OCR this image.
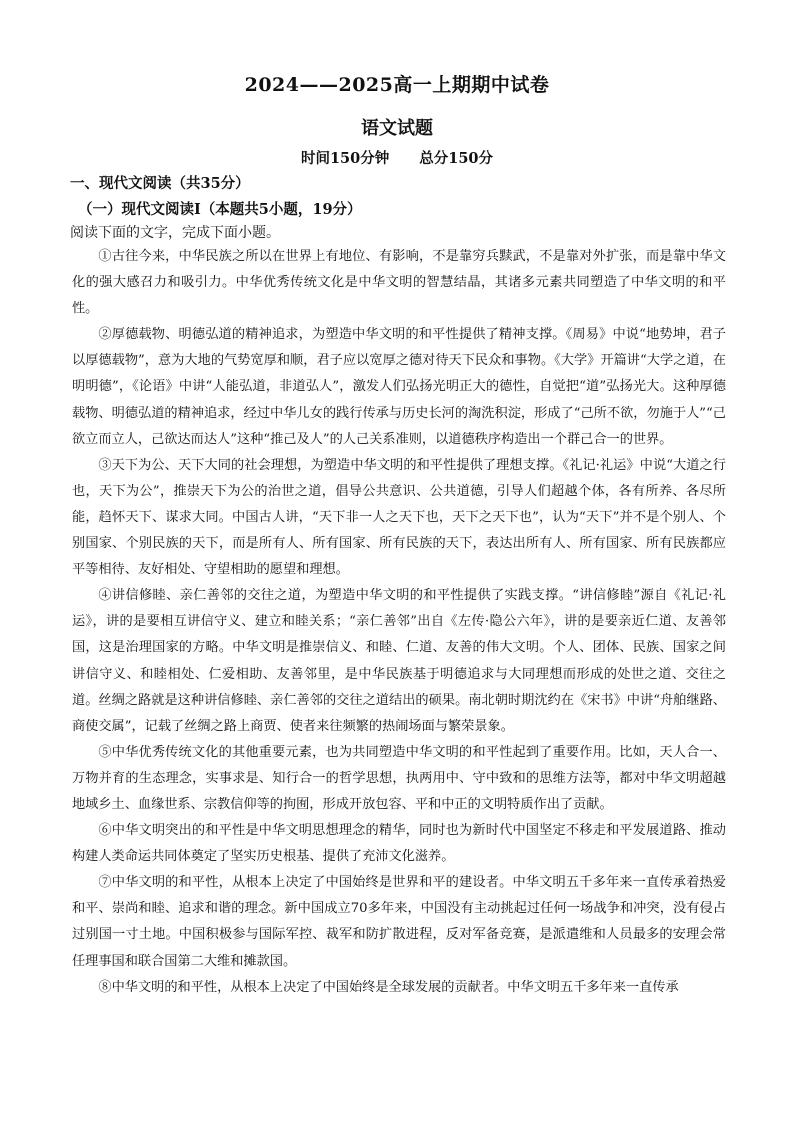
2024——2025高一上期期中试卷
语文试题
时间150分钟 总分150分
一、现代文阅读（共35分）
（一）现代文阅读Ⅰ（本题共5小题，19分）
阅读下面的文字，完成下面小题。

①古往今来，中华民族之所以在世界上有地位、有影响，不是靠穷兵黩武，不是靠对外扩张，而是靠中华文化的强大感召力和吸引力。中华优秀传统文化是中华文明的智慧结晶，其诸多元素共同塑造了中华文明的和平性。

②厚德载物、明德弘道的精神追求，为塑造中华文明的和平性提供了精神支撑。《周易》中说“地势坤，君子以厚德载物”，意为大地的气势宽厚和顺，君子应以宽厚之德对待天下民众和事物。《大学》开篇讲“大学之道，在明明德”，《论语》中讲“人能弘道，非道弘人”，激发人们弘扬光明正大的德性，自觉把“道”弘扬光大。这种厚德载物、明德弘道的精神追求，经过中华儿女的践行传承与历史长河的淘洗积淀，形成了“己所不欲，勿施于人”“己欲立而立人，己欲达而达人”这种“推己及人”的人己关系准则，以道德秩序构造出一个群己合一的世界。

③天下为公、天下大同的社会理想，为塑造中华文明的和平性提供了理想支撑。《礼记·礼运》中说“大道之行也，天下为公”，推崇天下为公的治世之道，倡导公共意识、公共道德，引导人们超越个体，各有所养、各尽所能，趋怀天下、谋求大同。中国古人讲，“天下非一人之天下也，天下之天下也”，认为“天下”并不是个别人、个别国家、个别民族的天下，而是所有人、所有国家、所有民族的天下，表达出所有人、所有国家、所有民族都应平等相待、友好相处、守望相助的愿望和理想。

④讲信修睦、亲仁善邻的交往之道，为塑造中华文明的和平性提供了实践支撑。“讲信修睦”源自《礼记·礼运》，讲的是要相互讲信守义、建立和睦关系；“亲仁善邻”出自《左传·隐公六年》，讲的是要亲近仁道、友善邻国，这是治理国家的方略。中华文明是推崇信义、和睦、仁道、友善的伟大文明。个人、团体、民族、国家之间讲信守义、和睦相处、仁爱相助、友善邻里，是中华民族基于明德追求与大同理想而形成的处世之道、交往之道。丝绸之路就是这种讲信修睦、亲仁善邻的交往之道结出的硕果。南北朝时期沈约在《宋书》中讲“舟舶继路、商使交属”，记载了丝绸之路上商贾、使者来往频繁的热闹场面与繁荣景象。

⑤中华优秀传统文化的其他重要元素，也为共同塑造中华文明的和平性起到了重要作用。比如，天人合一、万物并育的生态理念，实事求是、知行合一的哲学思想，执两用中、守中致和的思维方法等，都对中华文明超越地域乡土、血缘世系、宗教信仰等的拘囿，形成开放包容、平和中正的文明特质作出了贡献。

⑥中华文明突出的和平性是中华文明思想理念的精华，同时也为新时代中国坚定不移走和平发展道路、推动构建人类命运共同体奠定了坚实历史根基、提供了充沛文化滋养。

⑦中华文明的和平性，从根本上决定了中国始终是世界和平的建设者。中华文明五千多年来一直传承着热爱和平、崇尚和睦、追求和谐的理念。新中国成立70多年来，中国没有主动挑起过任何一场战争和冲突，没有侵占过别国一寸土地。中国积极参与国际军控、裁军和防扩散进程，反对军备竞赛，是派遣维和人员最多的安理会常任理事国和联合国第二大维和摊款国。

⑧中华文明的和平性，从根本上决定了中国始终是全球发展的贡献者。中华文明五千多年来一直传承
